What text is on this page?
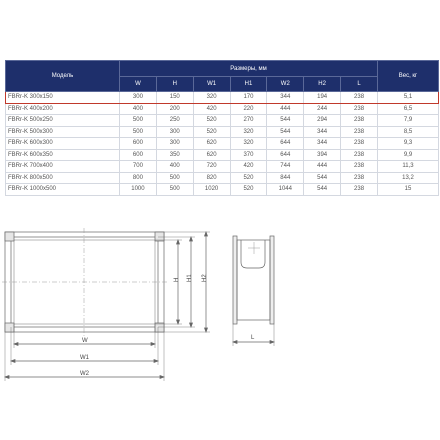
Модель	Размеры, мм							Вес, кг
	W	H	W1	H1	W2	H2	L	
FBRr-K 300x150	300	150	320	170	344	194	238	5,1
FBRr-K 400x200	400	200	420	220	444	244	238	6,5
FBRr-K 500x250	500	250	520	270	544	294	238	7,9
FBRr-K 500x300	500	300	520	320	544	344	238	8,5
FBRr-K 600x300	600	300	620	320	644	344	238	9,3
FBRr-K 600x350	600	350	620	370	644	394	238	9,9
FBRr-K 700x400	700	400	720	420	744	444	238	11,3
FBRr-K 800x500	800	500	820	520	844	544	238	13,2
FBRr-K 1000x500	1000	500	1020	520	1044	544	238	15
W
W1
W2
H H1 H2
L
